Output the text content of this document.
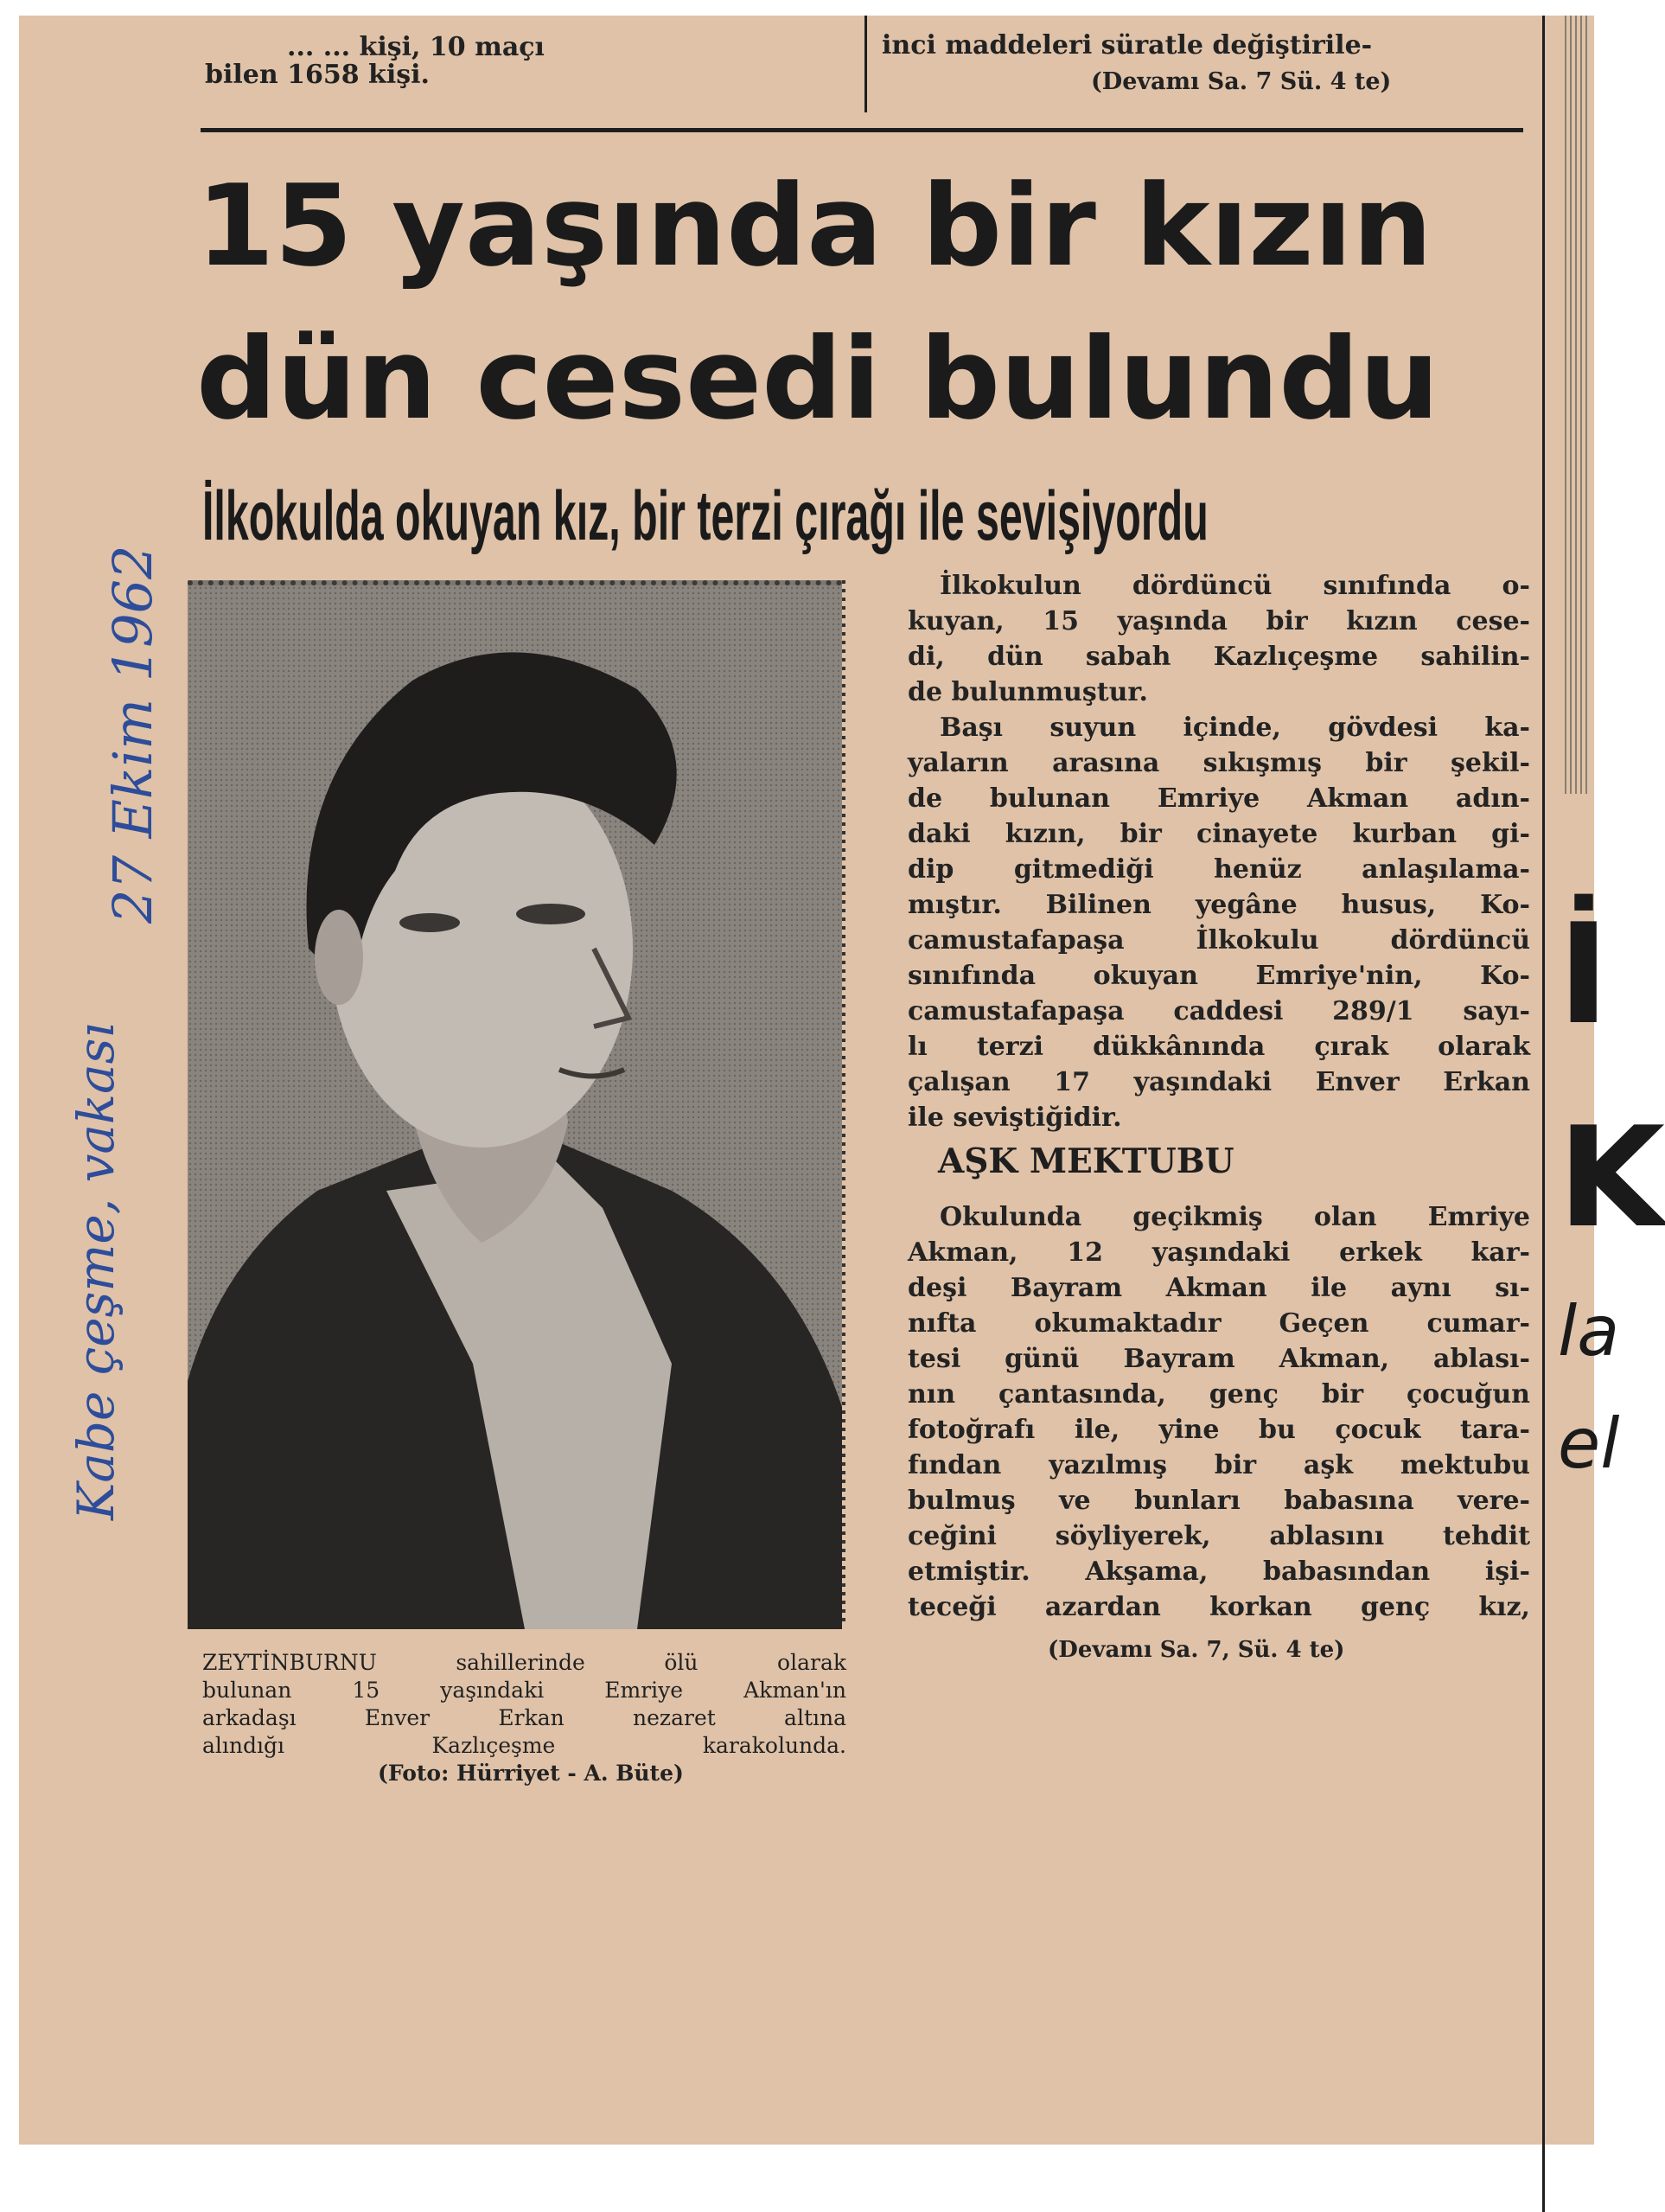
... ... kişi, 10 maçı
bilen 1658 kişi.
inci maddeleri süratle değiştirile-
(Devamı Sa. 7 Sü. 4 te)
15 yaşında bir kızın
dün cesedi bulundu
İlkokulda okuyan kız, bir terzi çırağı ile sevişiyordu
ZEYTİNBURNU sahillerinde ölü olarak
bulunan 15 yaşındaki Emriye Akman'ın
arkadaşı Enver Erkan nezaret altına
alındığı Kazlıçeşme karakolunda.
(Foto: Hürriyet - A. Büte)
İlkokulun dördüncü sınıfında o-
kuyan, 15 yaşında bir kızın cese-
di, dün sabah Kazlıçeşme sahilin-
de bulunmuştur.
Başı suyun içinde, gövdesi ka-
yaların arasına sıkışmış bir şekil-
de bulunan Emriye Akman adın-
daki kızın, bir cinayete kurban gi-
dip gitmediği henüz anlaşılama-
mıştır. Bilinen yegâne husus, Ko-
camustafapaşa İlkokulu dördüncü
sınıfında okuyan Emriye'nin, Ko-
camustafapaşa caddesi 289/1 sayı-
lı terzi dükkânında çırak olarak
çalışan 17 yaşındaki Enver Erkan
ile seviştiğidir.
AŞK MEKTUBU
Okulunda geçikmiş olan Emriye
Akman, 12 yaşındaki erkek kar-
deşi Bayram Akman ile aynı sı-
nıfta okumaktadır Geçen cumar-
tesi günü Bayram Akman, ablası-
nın çantasında, genç bir çocuğun
fotoğrafı ile, yine bu çocuk tara-
fından yazılmış bir aşk mektubu
bulmuş ve bunları babasına vere-
ceğini söyliyerek, ablasını tehdit
etmiştir. Akşama, babasından işi-
teceği azardan korkan genç kız,
(Devamı Sa. 7, Sü. 4 te)
27 Ekim 1962
Kabe çeşme, vakası
İ
K
la
el
